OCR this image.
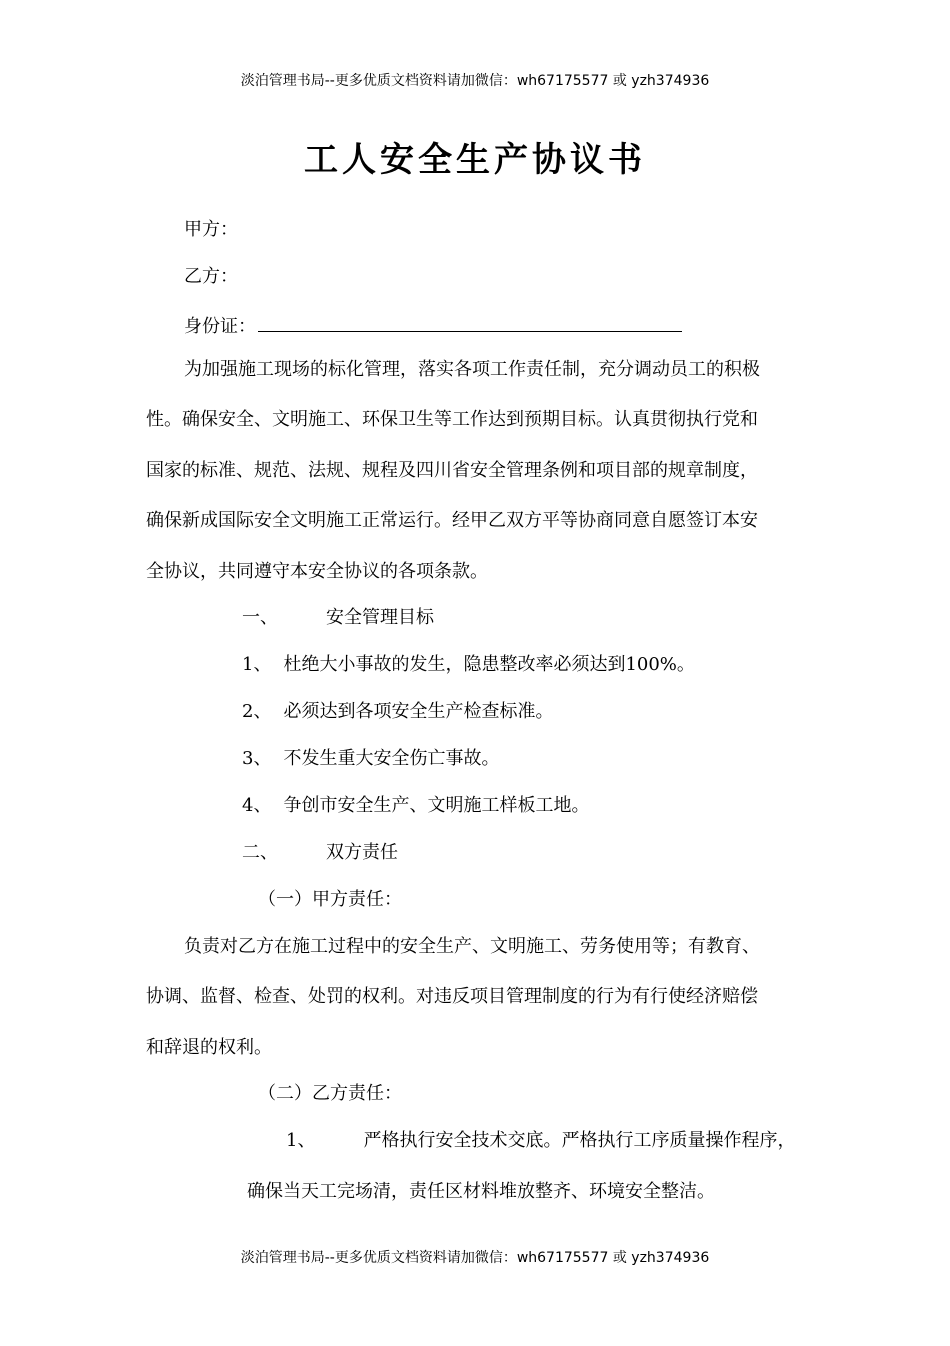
淡泊管理书局--更多优质文档资料请加微信：wh67175577 或 yzh374936
工人安全生产协议书
甲方：
乙方：
身份证：
为加强施工现场的标化管理，落实各项工作责任制，充分调动员工的积极
性。确保安全、文明施工、环保卫生等工作达到预期目标。认真贯彻执行党和
国家的标准、规范、法规、规程及四川省安全管理条例和项目部的规章制度，
确保新成国际安全文明施工正常运行。经甲乙双方平等协商同意自愿签订本安
全协议，共同遵守本安全协议的各项条款。
一、	安全管理目标
1、 杜绝大小事故的发生，隐患整改率必须达到100%。
2、 必须达到各项安全生产检查标准。
3、 不发生重大安全伤亡事故。
4、 争创市安全生产、文明施工样板工地。
二、	双方责任
（一）甲方责任：
负责对乙方在施工过程中的安全生产、文明施工、劳务使用等；有教育、
协调、监督、检查、处罚的权利。对违反项目管理制度的行为有行使经济赔偿
和辞退的权利。
（二）乙方责任：
1、	严格执行安全技术交底。严格执行工序质量操作程序，
确保当天工完场清，责任区材料堆放整齐、环境安全整洁。
淡泊管理书局--更多优质文档资料请加微信：wh67175577 或 yzh374936
